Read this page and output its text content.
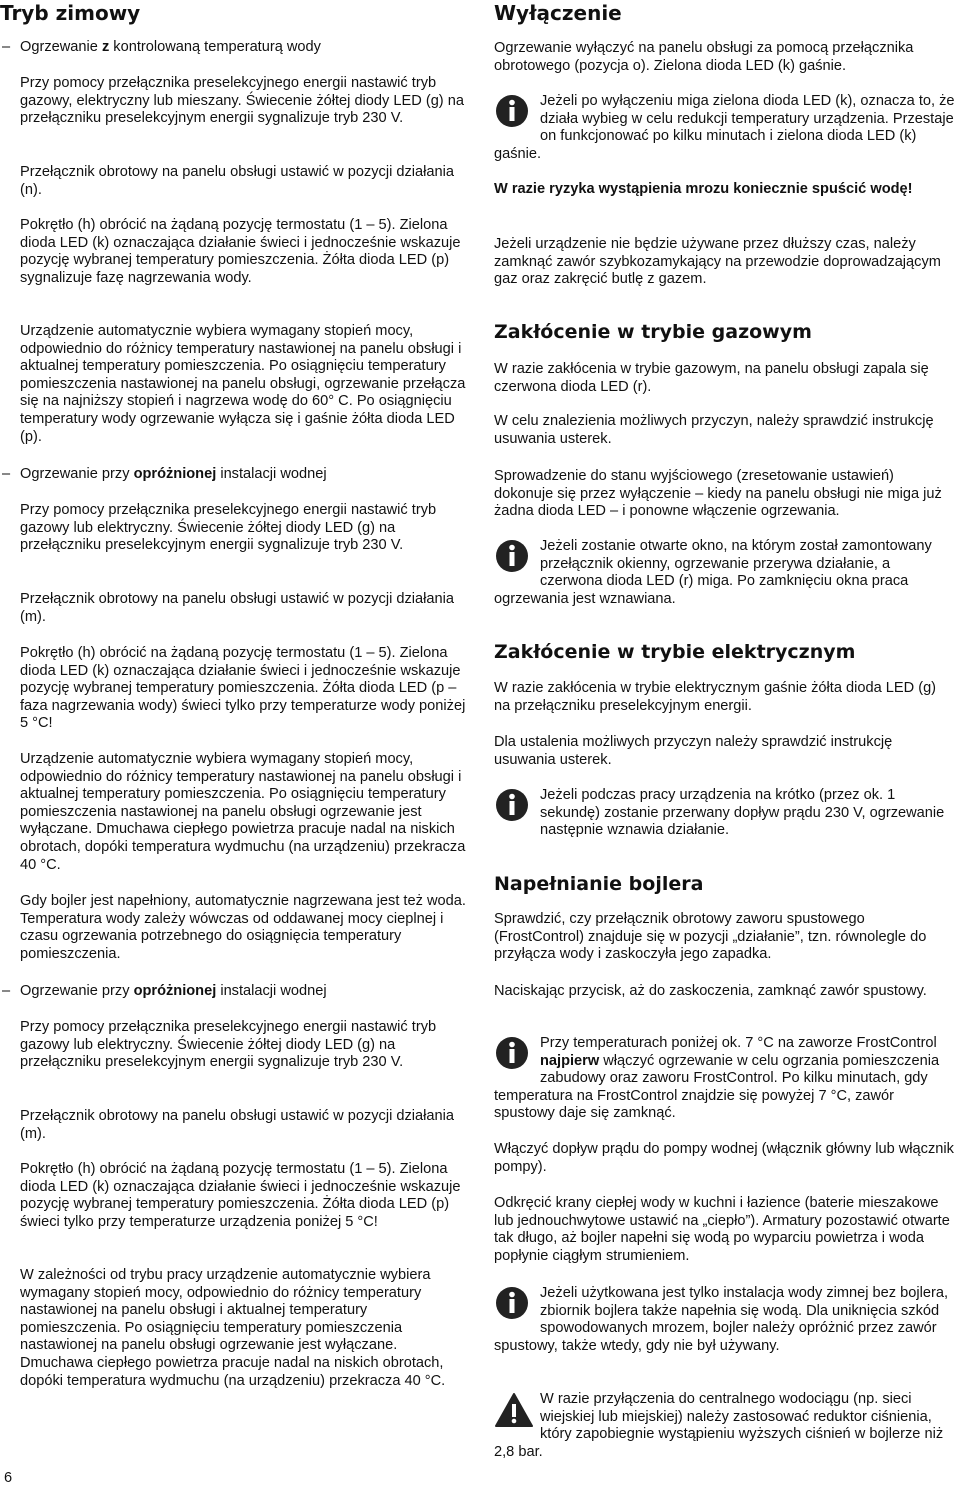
Tryb zimowy
– Ogrzewanie z kontrolowaną temperaturą wody
Przy pomocy przełącznika preselekcyjnego energii nastawić tryb gazowy, elektryczny lub mieszany. Świecenie żółtej diody LED (g) na przełączniku preselekcyjnym energii sygnalizuje tryb 230 V.
Przełącznik obrotowy na panelu obsługi ustawić w pozycji działania (n).
Pokrętło (h) obrócić na żądaną pozycję termostatu (1 – 5). Zielona dioda LED (k) oznaczająca działanie świeci i jednocześnie wskazuje pozycję wybranej temperatury pomieszczenia. Żółta dioda LED (p) sygnalizuje fazę nagrzewania wody.
Urządzenie automatycznie wybiera wymagany stopień mocy, odpowiednio do różnicy temperatury nastawionej na panelu obsługi i aktualnej temperatury pomieszczenia. Po osiągnięciu temperatury pomieszczenia nastawionej na panelu obsługi, ogrzewanie przełącza się na najniższy stopień i nagrzewa wodę do 60° C. Po osiągnięciu temperatury wody ogrzewanie wyłącza się i gaśnie żółta dioda LED (p).
– Ogrzewanie przy opróżnionej instalacji wodnej
Przy pomocy przełącznika preselekcyjnego energii nastawić tryb gazowy lub elektryczny. Świecenie żółtej diody LED (g) na przełączniku preselekcyjnym energii sygnalizuje tryb 230 V.
Przełącznik obrotowy na panelu obsługi ustawić w pozycji działania (m).
Pokrętło (h) obrócić na żądaną pozycję termostatu (1 – 5). Zielona dioda LED (k) oznaczająca działanie świeci i jednocześnie wskazuje pozycję wybranej temperatury pomieszczenia. Żółta dioda LED (p – faza nagrzewania wody) świeci tylko przy temperaturze wody poniżej 5 °C!
Urządzenie automatycznie wybiera wymagany stopień mocy, odpowiednio do różnicy temperatury nastawionej na panelu obsługi i aktualnej temperatury pomieszczenia. Po osiągnięciu temperatury pomieszczenia nastawionej na panelu obsługi ogrzewanie jest wyłączane. Dmuchawa ciepłego powietrza pracuje nadal na niskich obrotach, dopóki temperatura wydmuchu (na urządzeniu) przekracza 40 °C.
Gdy bojler jest napełniony, automatycznie nagrzewana jest też woda. Temperatura wody zależy wówczas od oddawanej mocy cieplnej i czasu ogrzewania potrzebnego do osiągnięcia temperatury pomieszczenia.
– Ogrzewanie przy opróżnionej instalacji wodnej
Przy pomocy przełącznika preselekcyjnego energii nastawić tryb gazowy lub elektryczny. Świecenie żółtej diody LED (g) na przełączniku preselekcyjnym energii sygnalizuje tryb 230 V.
Przełącznik obrotowy na panelu obsługi ustawić w pozycji działania (m).
Pokrętło (h) obrócić na żądaną pozycję termostatu (1 – 5). Zielona dioda LED (k) oznaczająca działanie świeci i jednocześnie wskazuje pozycję wybranej temperatury pomieszczenia. Żółta dioda LED (p) świeci tylko przy temperaturze urządzenia poniżej 5 °C!
W zależności od trybu pracy urządzenie automatycznie wybiera wymagany stopień mocy, odpowiednio do różnicy temperatury nastawionej na panelu obsługi i aktualnej temperatury pomieszczenia. Po osiągnięciu temperatury pomieszczenia nastawionej na panelu obsługi ogrzewanie jest wyłączane. Dmuchawa ciepłego powietrza pracuje nadal na niskich obrotach, dopóki temperatura wydmuchu (na urządzeniu) przekracza 40 °C.
6
Wyłączenie
Ogrzewanie wyłączyć na panelu obsługi za pomocą przełącznika obrotowego (pozycja o). Zielona dioda LED (k) gaśnie.
Jeżeli po wyłączeniu miga zielona dioda LED (k), oznacza to, że działa wybieg w celu redukcji temperatury urządzenia. Przestaje on funkcjonować po kilku minutach i zielona dioda LED (k) gaśnie.
W razie ryzyka wystąpienia mrozu koniecznie spuścić wodę!
Jeżeli urządzenie nie będzie używane przez dłuższy czas, należy zamknąć zawór szybkozamykający na przewodzie doprowadzającym gaz oraz zakręcić butlę z gazem.
Zakłócenie w trybie gazowym
W razie zakłócenia w trybie gazowym, na panelu obsługi zapala się czerwona dioda LED (r).
W celu znalezienia możliwych przyczyn, należy sprawdzić instrukcję usuwania usterek.
Sprowadzenie do stanu wyjściowego (zresetowanie ustawień) dokonuje się przez wyłączenie – kiedy na panelu obsługi nie miga już żadna dioda LED – i ponowne włączenie ogrzewania.
Jeżeli zostanie otwarte okno, na którym został zamontowany przełącznik okienny, ogrzewanie przerywa działanie, a czerwona dioda LED (r) miga. Po zamknięciu okna praca ogrzewania jest wznawiana.
Zakłócenie w trybie elektrycznym
W razie zakłócenia w trybie elektrycznym gaśnie żółta dioda LED (g) na przełączniku preselekcyjnym energii.
Dla ustalenia możliwych przyczyn należy sprawdzić instrukcję usuwania usterek.
Jeżeli podczas pracy urządzenia na krótko (przez ok. 1 sekundę) zostanie przerwany dopływ prądu 230 V, ogrzewanie następnie wznawia działanie.
Napełnianie bojlera
Sprawdzić, czy przełącznik obrotowy zaworu spustowego (FrostControl) znajduje się w pozycji „działanie”, tzn. równolegle do przyłącza wody i zaskoczyła jego zapadka.
Naciskając przycisk, aż do zaskoczenia, zamknąć zawór spustowy.
Przy temperaturach poniżej ok. 7 °C na zaworze FrostControl najpierw włączyć ogrzewanie w celu ogrzania pomieszczenia zabudowy oraz zaworu FrostControl. Po kilku minutach, gdy temperatura na FrostControl znajdzie się powyżej 7 °C, zawór spustowy daje się zamknąć.
Włączyć dopływ prądu do pompy wodnej (włącznik główny lub włącznik pompy).
Odkręcić krany ciepłej wody w kuchni i łazience (baterie mieszakowe lub jednouchwytowe ustawić na „ciepło”). Armatury pozostawić otwarte tak długo, aż bojler napełni się wodą po wyparciu powietrza i woda popłynie ciągłym strumieniem.
Jeżeli użytkowana jest tylko instalacja wody zimnej bez bojlera, zbiornik bojlera także napełnia się wodą. Dla uniknięcia szkód spowodowanych mrozem, bojler należy opróżnić przez zawór spustowy, także wtedy, gdy nie był używany.
W razie przyłączenia do centralnego wodociągu (np. sieci wiejskiej lub miejskiej) należy zastosować reduktor ciśnienia, który zapobiegnie wystąpieniu wyższych ciśnień w bojlerze niż 2,8 bar.
